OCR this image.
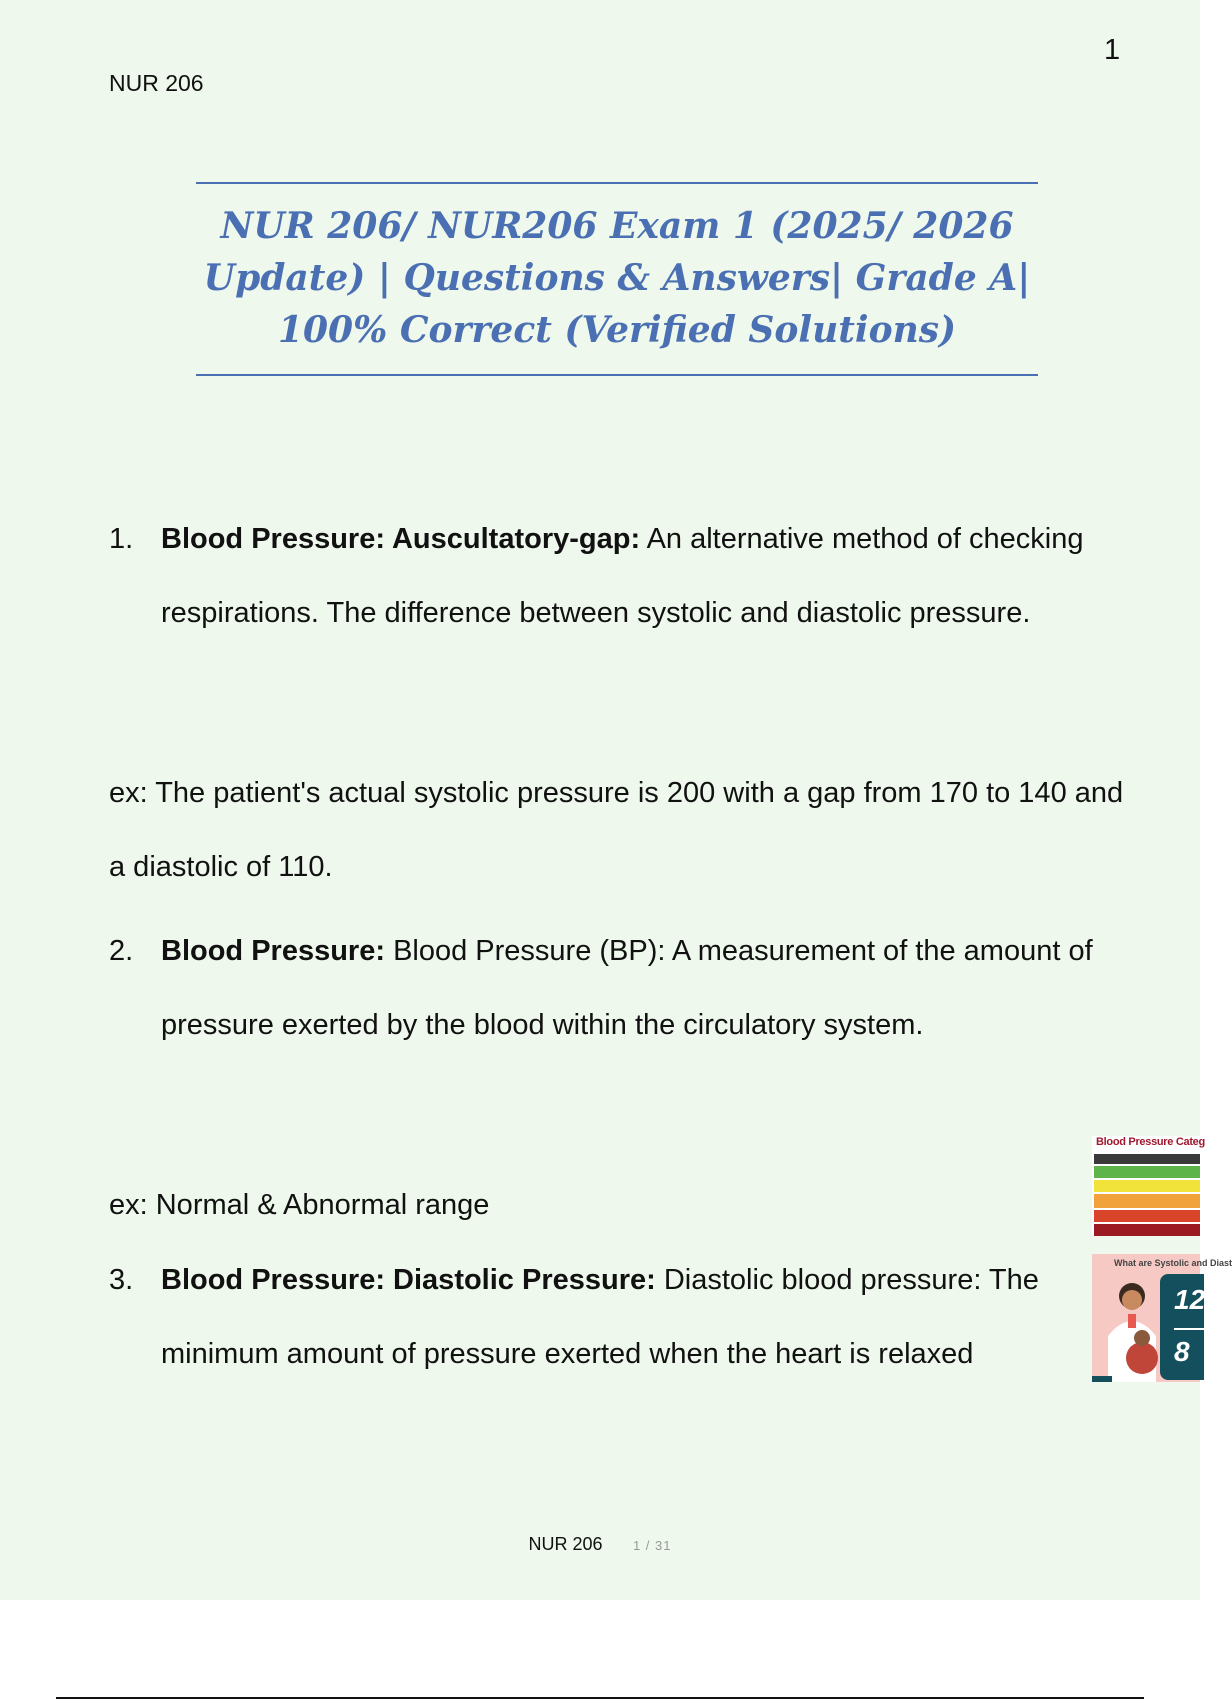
1
NUR 206
NUR 206/ NUR206 Exam 1 (2025/ 2026
Update) | Questions & Answers| Grade A|
100% Correct (Verified Solutions)
1. Blood Pressure: Auscultatory-gap: An alternative method of checking respirations. The difference between systolic and diastolic pressure.
ex: The patient's actual systolic pressure is 200 with a gap from 170 to 140 and a diastolic of 110.
2. Blood Pressure: Blood Pressure (BP): A measurement of the amount of pressure exerted by the blood within the circulatory system.
ex: Normal & Abnormal range
3. Blood Pressure: Diastolic Pressure: Diastolic blood pressure: The minimum amount of pressure exerted when the heart is relaxed
Blood Pressure Categ
What are Systolic and Diast
12
8
NUR 206 1 / 31
